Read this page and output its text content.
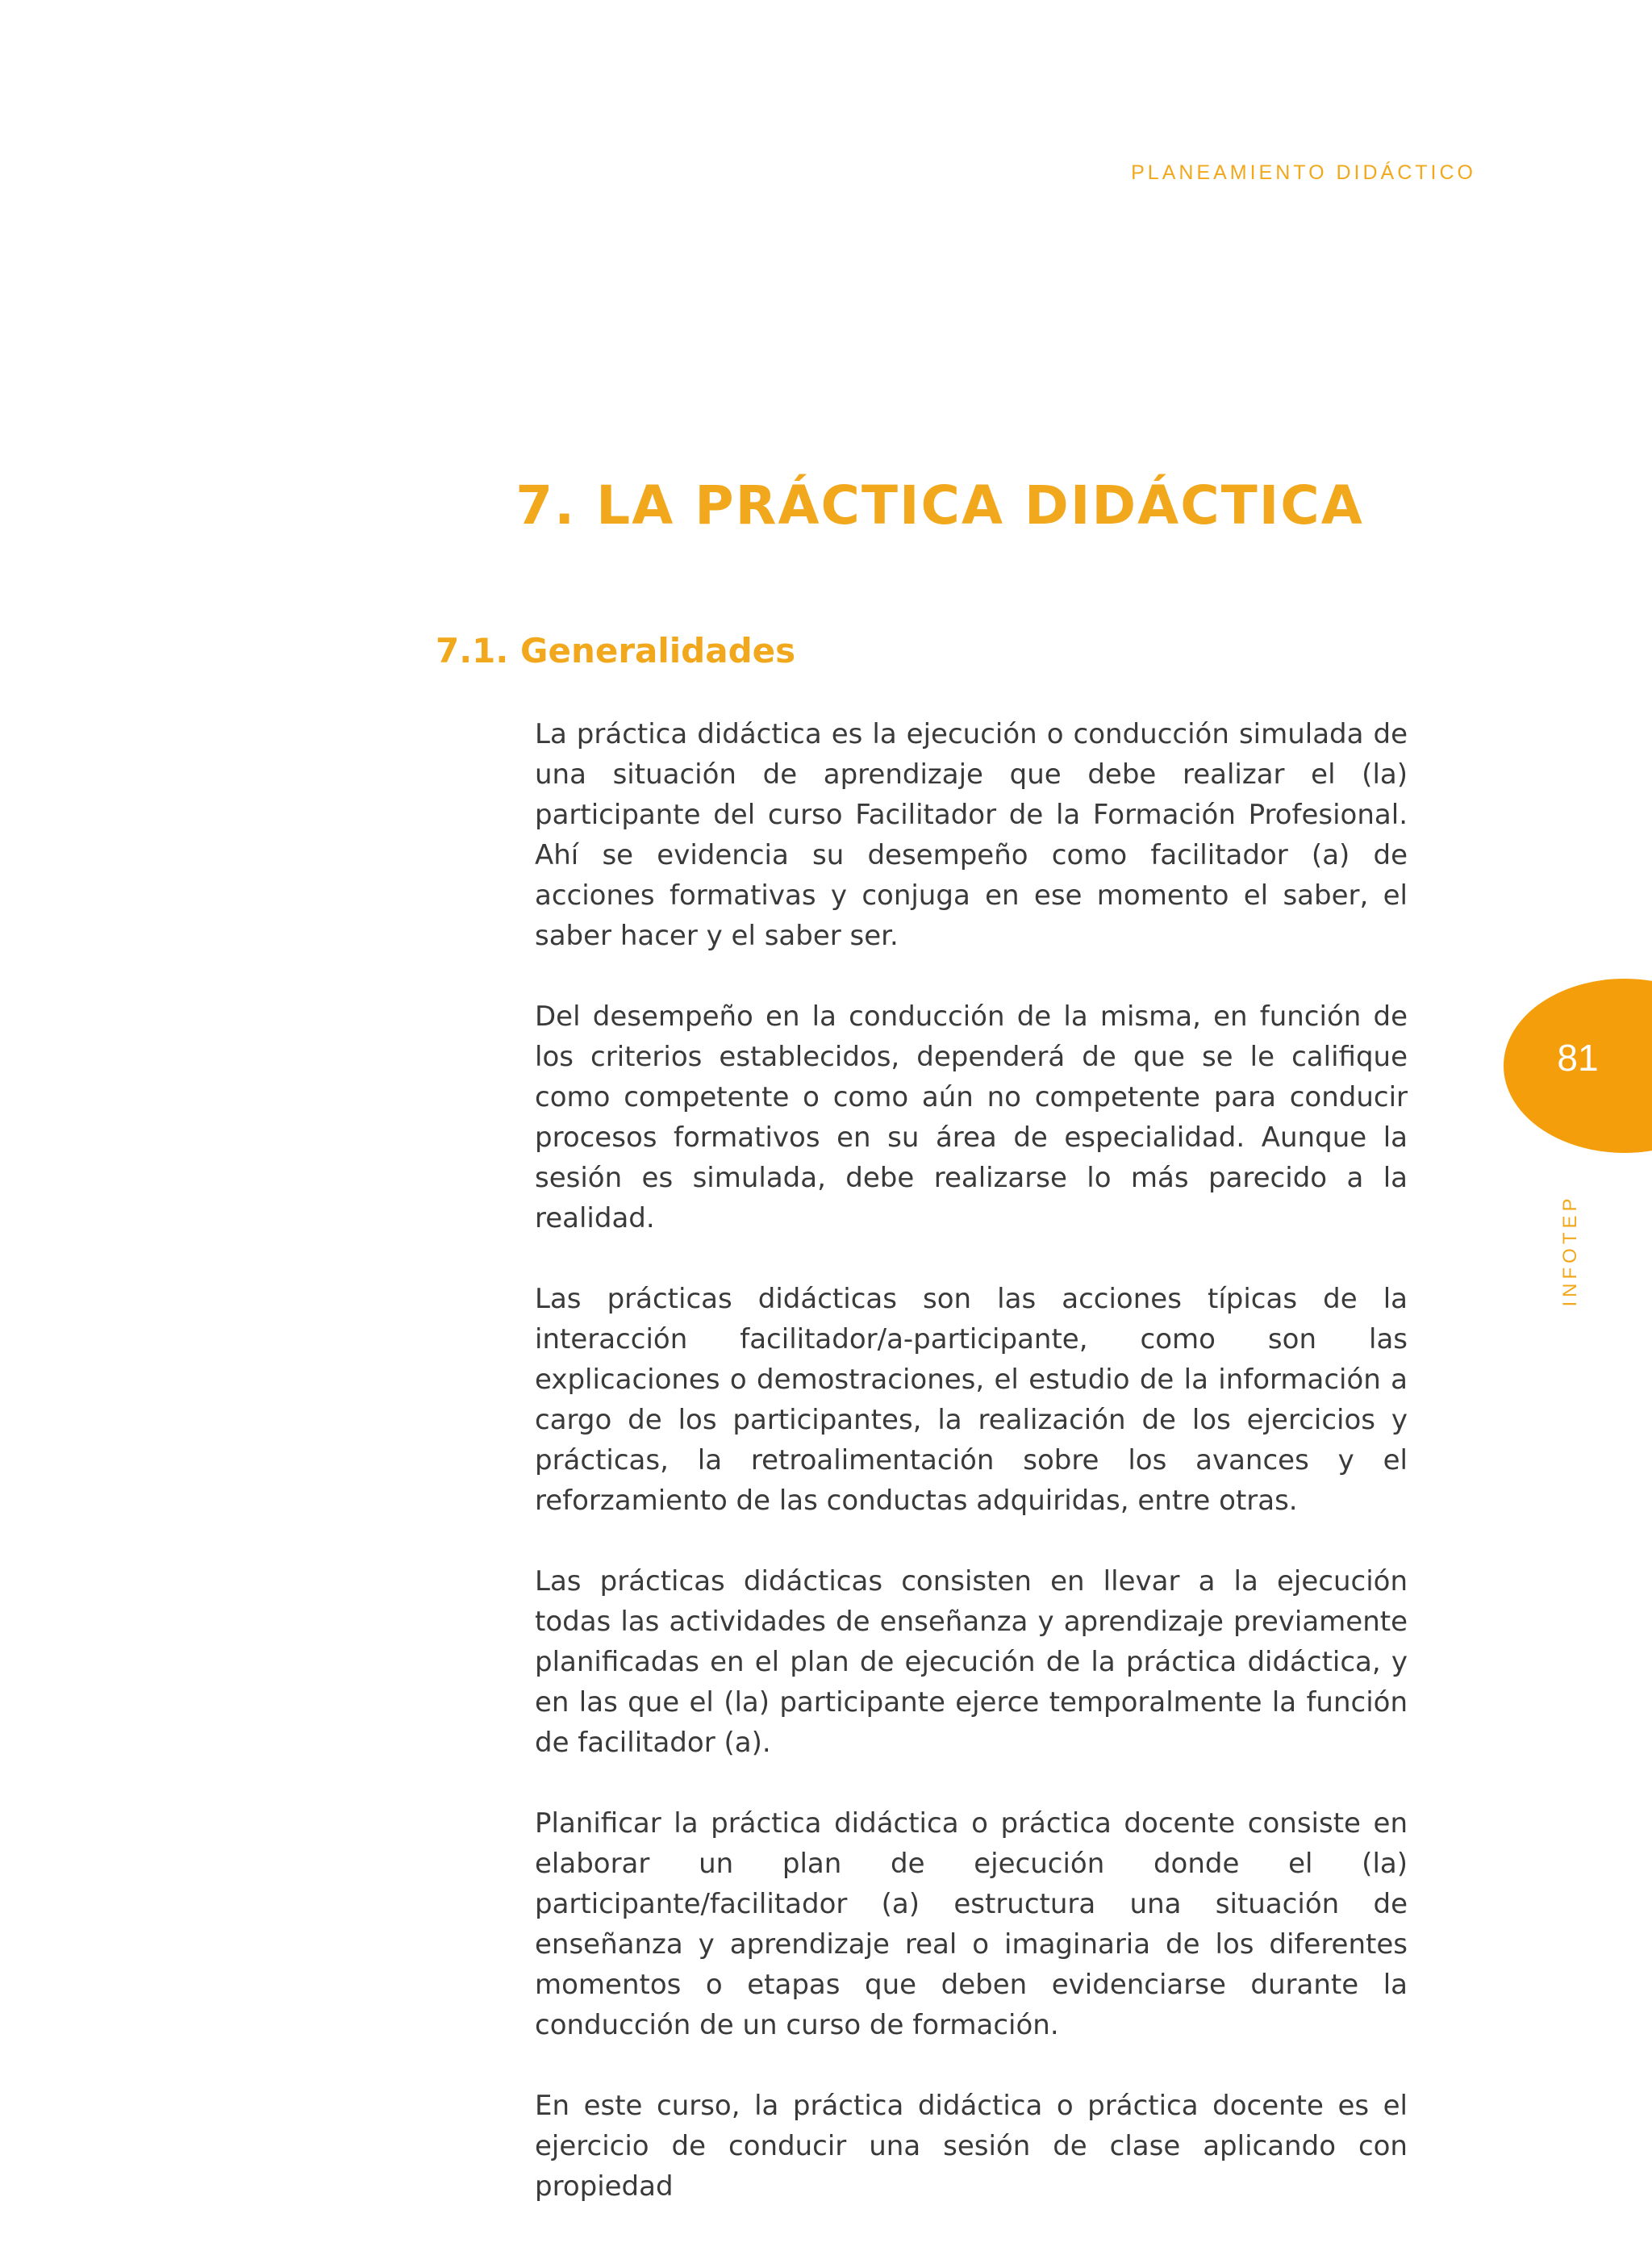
PLANEAMIENTO DIDÁCTICO
7. LA PRÁCTICA DIDÁCTICA
7.1. Generalidades

La práctica didáctica es la ejecución o conducción simulada de una situación de aprendizaje que debe realizar el (la) participante del curso Facilitador de la Formación Profesional. Ahí se evidencia su desempeño como facilitador (a) de acciones formativas y conjuga en ese momento el saber, el saber hacer y el saber ser.

Del desempeño en la conducción de la misma, en función de los criterios establecidos, dependerá de que se le califique como competente o como aún no competente para conducir procesos formativos en su área de especialidad. Aunque la sesión es simulada, debe realizarse lo más parecido a la realidad.

Las prácticas didácticas son las acciones típicas de la interacción facilitador/a-participante, como son las explicaciones o demostraciones, el estudio de la información a cargo de los participantes, la realización de los ejercicios y prácticas, la retroalimentación sobre los avances y el reforzamiento de las conductas adquiridas, entre otras.

Las prácticas didácticas consisten en llevar a la ejecución todas las actividades de enseñanza y aprendizaje previamente planificadas en el plan de ejecución de la práctica didáctica, y en las que el (la) participante ejerce temporalmente la función de facilitador (a).

Planificar la práctica didáctica o práctica docente consiste en elaborar un plan de ejecución donde el (la) participante/facilitador (a) estructura una situación de enseñanza y aprendizaje real o imaginaria de los diferentes momentos o etapas que deben evidenciarse durante la conducción de un curso de formación.

En este curso, la práctica didáctica o práctica docente es el ejercicio de conducir una sesión de clase aplicando con propiedad

81
INFOTEP
